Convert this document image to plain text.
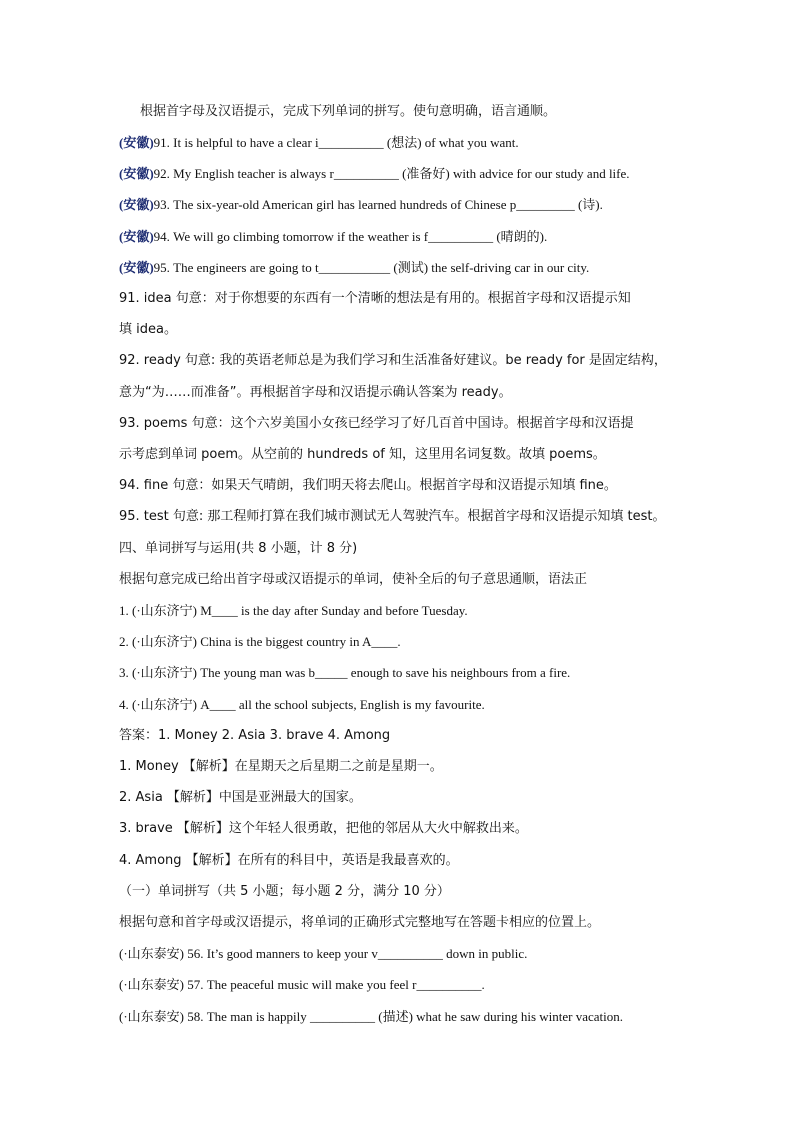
根据首字母及汉语提示，完成下列单词的拼写。使句意明确，语言通顺。
(安徽)91. It is helpful to have a clear i__________ (想法) of what you want.
(安徽)92. My English teacher is always r__________ (准备好) with advice for our study and life.
(安徽)93. The six-year-old American girl has learned hundreds of Chinese p_________ (诗).
(安徽)94. We will go climbing tomorrow if the weather is f__________ (晴朗的).
(安徽)95. The engineers are going to t___________ (测试) the self-driving car in our city.
91. idea 句意：对于你想要的东西有一个清晰的想法是有用的。根据首字母和汉语提示知
填 idea。
92. ready 句意: 我的英语老师总是为我们学习和生活准备好建议。be ready for 是固定结构，
意为“为……而准备”。再根据首字母和汉语提示确认答案为 ready。
93. poems 句意：这个六岁美国小女孩已经学习了好几百首中国诗。根据首字母和汉语提
示考虑到单词 poem。从空前的 hundreds of 知，这里用名词复数。故填 poems。
94. fine 句意：如果天气晴朗，我们明天将去爬山。根据首字母和汉语提示知填 fine。
95. test 句意: 那工程师打算在我们城市测试无人驾驶汽车。根据首字母和汉语提示知填 test。
四、单词拼写与运用(共 8 小题，计 8 分)
根据句意完成已给出首字母或汉语提示的单词，使补全后的句子意思通顺，语法正
1. (·山东济宁) M____ is the day after Sunday and before Tuesday.
2. (·山东济宁) China is the biggest country in A____.
3. (·山东济宁) The young man was b_____ enough to save his neighbours from a fire.
4. (·山东济宁) A____ all the school subjects, English is my favourite.
答案：1. Money 2. Asia 3. brave 4. Among
1. Money 【解析】在星期天之后星期二之前是星期一。
2. Asia 【解析】中国是亚洲最大的国家。
3. brave 【解析】这个年轻人很勇敢，把他的邻居从大火中解救出来。
4. Among 【解析】在所有的科目中，英语是我最喜欢的。
（一）单词拼写（共 5 小题；每小题 2 分，满分 10 分）
根据句意和首字母或汉语提示，将单词的正确形式完整地写在答题卡相应的位置上。
(·山东泰安) 56. It’s good manners to keep your v__________ down in public.
(·山东泰安) 57. The peaceful music will make you feel r__________.
(·山东泰安) 58. The man is happily __________ (描述) what he saw during his winter vacation.
